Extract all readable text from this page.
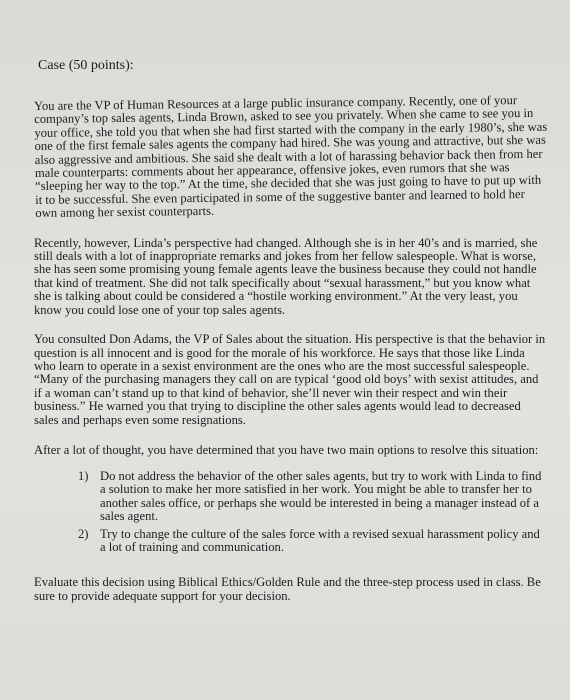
Case (50 points):

You are the VP of Human Resources at a large public insurance company. Recently, one of your company’s top sales agents, Linda Brown, asked to see you privately. When she came to see you in your office, she told you that when she had first started with the company in the early 1980’s, she was one of the first female sales agents the company had hired. She was young and attractive, but she was also aggressive and ambitious. She said she dealt with a lot of harassing behavior back then from her male counterparts: comments about her appearance, offensive jokes, even rumors that she was “sleeping her way to the top.” At the time, she decided that she was just going to have to put up with it to be successful. She even participated in some of the suggestive banter and learned to hold her own among her sexist counterparts.

Recently, however, Linda’s perspective had changed. Although she is in her 40’s and is married, she still deals with a lot of inappropriate remarks and jokes from her fellow salespeople. What is worse, she has seen some promising young female agents leave the business because they could not handle that kind of treatment. She did not talk specifically about “sexual harassment,” but you know what she is talking about could be considered a “hostile working environment.” At the very least, you know you could lose one of your top sales agents.

You consulted Don Adams, the VP of Sales about the situation. His perspective is that the behavior in question is all innocent and is good for the morale of his workforce. He says that those like Linda who learn to operate in a sexist environment are the ones who are the most successful salespeople. “Many of the purchasing managers they call on are typical ‘good old boys’ with sexist attitudes, and if a woman can’t stand up to that kind of behavior, she’ll never win their respect and win their business.” He warned you that trying to discipline the other sales agents would lead to decreased sales and perhaps even some resignations.

After a lot of thought, you have determined that you have two main options to resolve this situation:
1) Do not address the behavior of the other sales agents, but try to work with Linda to find a solution to make her more satisfied in her work. You might be able to transfer her to another sales office, or perhaps she would be interested in being a manager instead of a sales agent.
2) Try to change the culture of the sales force with a revised sexual harassment policy and a lot of training and communication.

Evaluate this decision using Biblical Ethics/Golden Rule and the three-step process used in class. Be sure to provide adequate support for your decision.
